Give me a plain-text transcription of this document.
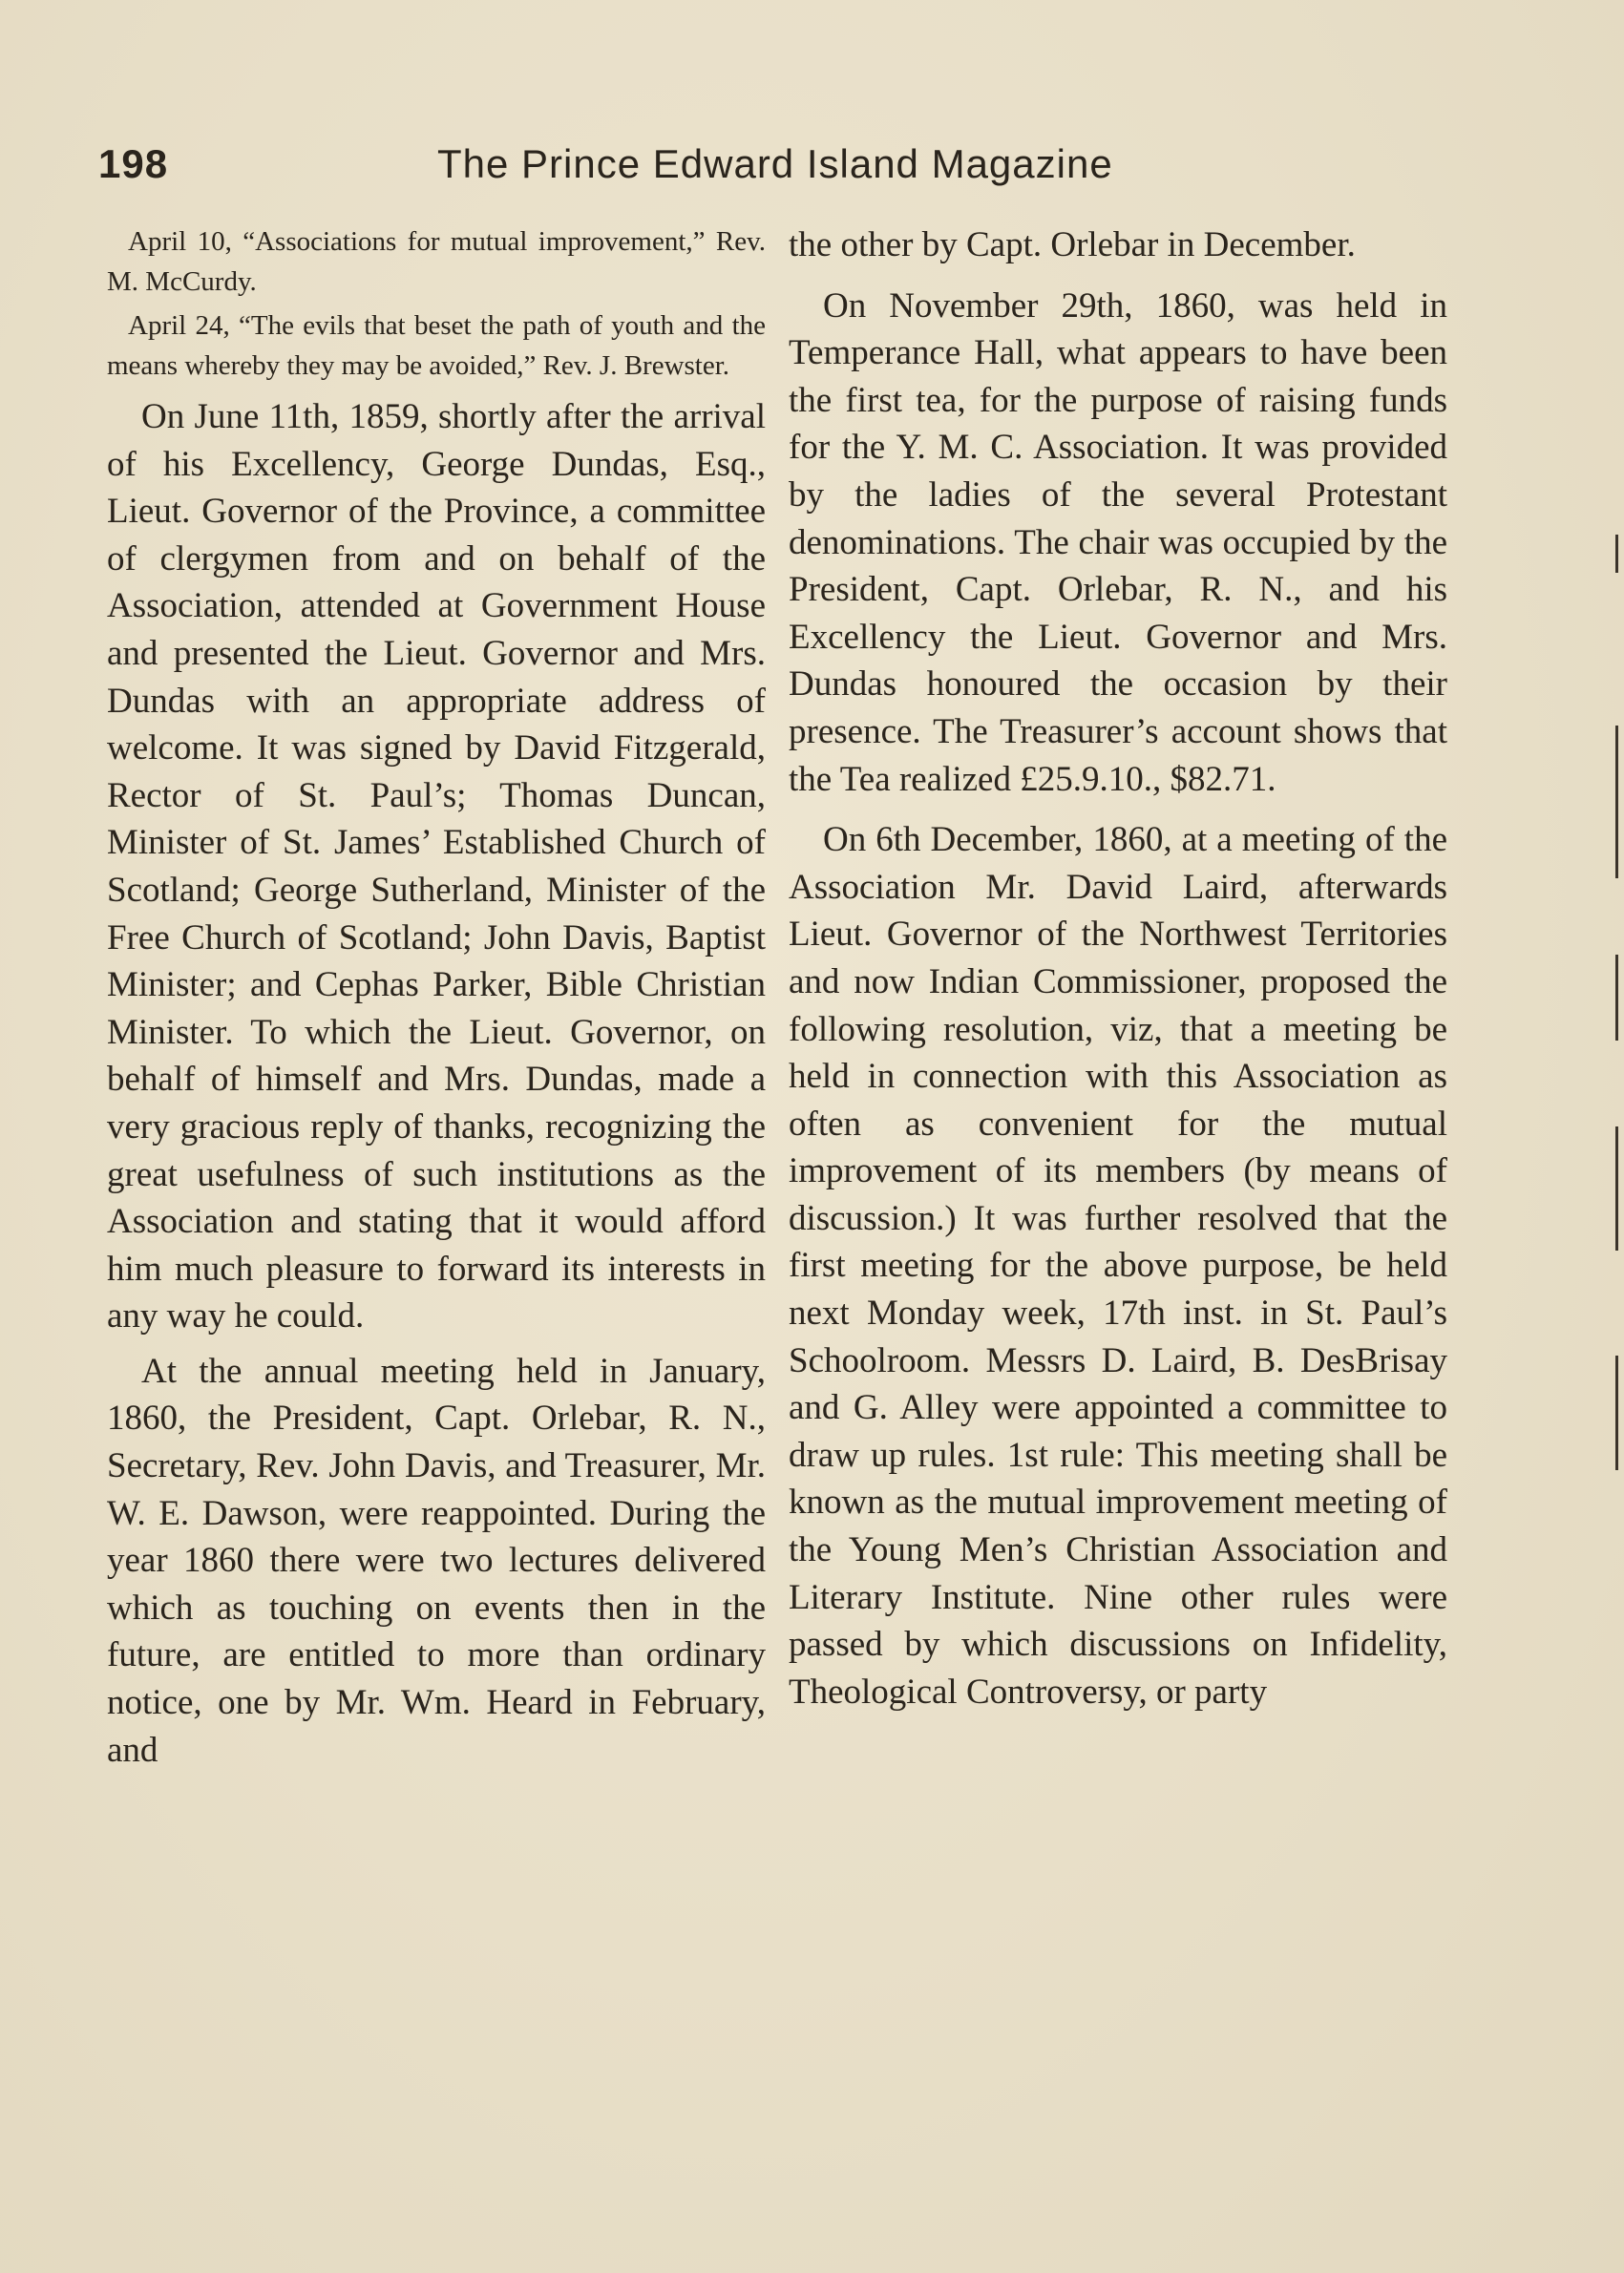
198	The Prince Edward Island Magazine

April 10, “Associations for mutual improvement,” Rev. M. McCurdy.

April 24, “The evils that beset the path of youth and the means whereby they may be avoided,” Rev. J. Brewster.

On June 11th, 1859, shortly after the arrival of his Excellency, George Dundas, Esq., Lieut. Governor of the Province, a committee of clergymen from and on behalf of the Association, attended at Government House and presented the Lieut. Governor and Mrs. Dundas with an appropriate address of welcome. It was signed by David Fitzgerald, Rector of St. Paul’s; Thomas Duncan, Minister of St. James’ Established Church of Scotland; George Sutherland, Minister of the Free Church of Scotland; John Davis, Baptist Minister; and Cephas Parker, Bible Christian Minister. To which the Lieut. Governor, on behalf of himself and Mrs. Dundas, made a very gracious reply of thanks, recognizing the great usefulness of such institutions as the Association and stating that it would afford him much pleasure to forward its interests in any way he could.

At the annual meeting held in January, 1860, the President, Capt. Orlebar, R. N., Secretary, Rev. John Davis, and Treasurer, Mr. W. E. Dawson, were reappointed. During the year 1860 there were two lectures delivered which as touching on events then in the future, are entitled to more than ordinary notice, one by Mr. Wm. Heard in February, and

the other by Capt. Orlebar in December.

On November 29th, 1860, was held in Temperance Hall, what appears to have been the first tea, for the purpose of raising funds for the Y. M. C. Association. It was provided by the ladies of the several Protestant denominations. The chair was occupied by the President, Capt. Orlebar, R. N., and his Excellency the Lieut. Governor and Mrs. Dundas honoured the occasion by their presence. The Treasurer’s account shows that the Tea realized £25.9.10., $82.71.

On 6th December, 1860, at a meeting of the Association Mr. David Laird, afterwards Lieut. Governor of the Northwest Territories and now Indian Commissioner, proposed the following resolution, viz, that a meeting be held in connection with this Association as often as convenient for the mutual improvement of its members (by means of discussion.) It was further resolved that the first meeting for the above purpose, be held next Monday week, 17th inst. in St. Paul’s Schoolroom. Messrs D. Laird, B. DesBrisay and G. Alley were appointed a committee to draw up rules. 1st rule: This meeting shall be known as the mutual improvement meeting of the Young Men’s Christian Association and Literary Institute. Nine other rules were passed by which discussions on Infidelity, Theological Controversy, or party
